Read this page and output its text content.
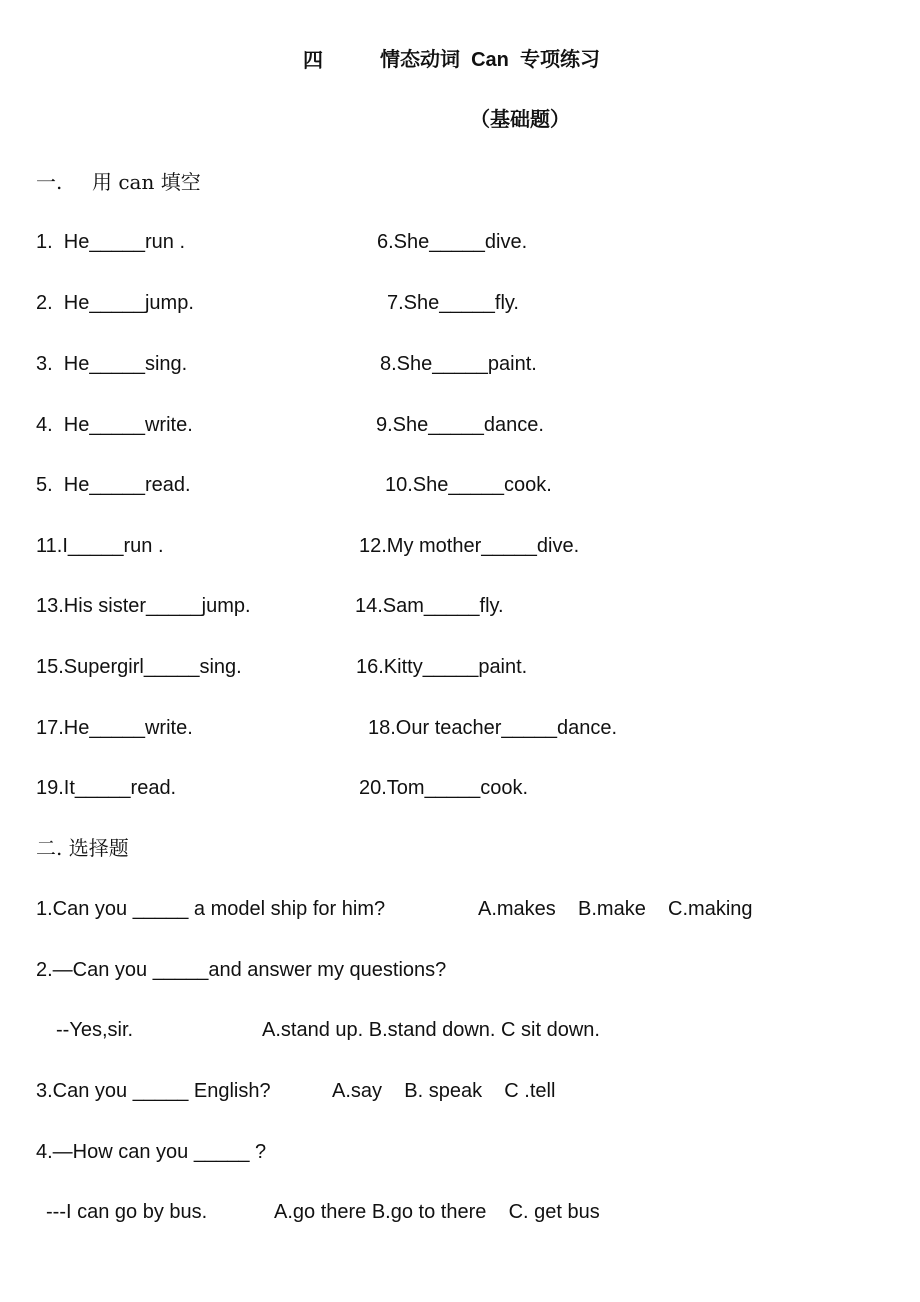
四	情态动词  Can  专项练习
（基础题）
一. 用 can 填空
1.  He_____run .	6.She_____dive.
2.  He_____jump.	7.She_____fly.
3.  He_____sing.	8.She_____paint.
4.  He_____write.	9.She_____dance.
5.  He_____read.	10.She_____cook.
11.I_____run .	12.My mother_____dive.
13.His sister_____jump.	14.Sam_____fly.
15.Supergirl_____sing.	16.Kitty_____paint.
17.He_____write.	18.Our teacher_____dance.
19.It_____read.	20.Tom_____cook.
二. 选择题
1.Can you _____ a model ship for him?	A.makes    B.make    C.making
2.—Can you _____and answer my questions?
--Yes,sir.	A.stand up. B.stand down. C sit down.
3.Can you _____ English?	A.say    B. speak    C .tell
4.—How can you _____ ?
---I can go by bus.	A.go there B.go to there    C. get bus
